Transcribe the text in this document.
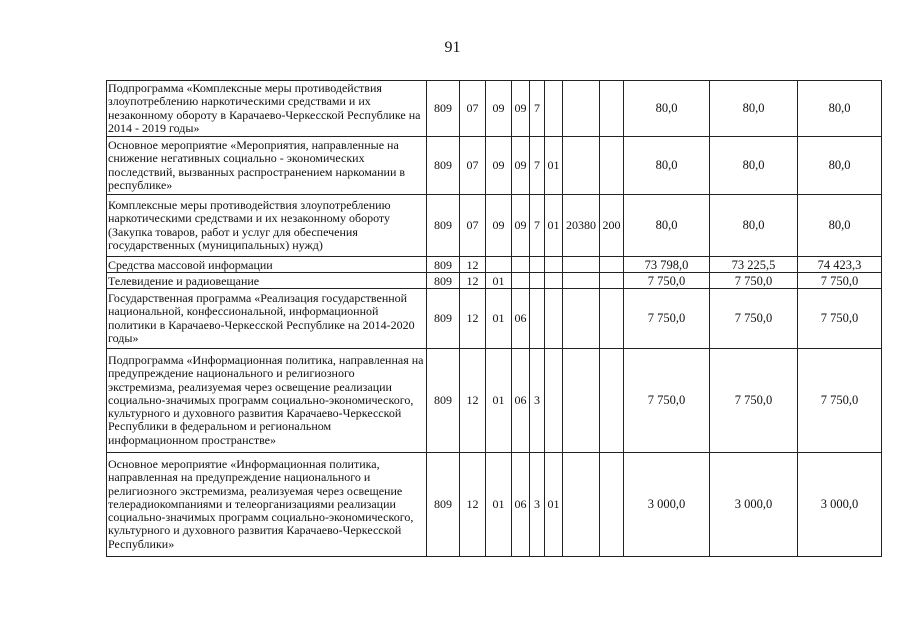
91
Подпрограмма «Комплексные меры противодействия злоупотреблению наркотическими средствами и их незаконному обороту в Карачаево-Черкесской Республике на 2014 - 2019 годы»	809	07	09	09	7				80,0	80,0	80,0
Основное мероприятие «Мероприятия, направленные на снижение негативных социально - экономических последствий, вызванных распространением наркомании в республике»	809	07	09	09	7	01			80,0	80,0	80,0
Комплексные меры противодействия злоупотреблению наркотическими средствами и их незаконному обороту (Закупка товаров, работ и услуг для обеспечения государственных (муниципальных) нужд)	809	07	09	09	7	01	20380	200	80,0	80,0	80,0
Средства массовой информации	809	12							73 798,0	73 225,5	74 423,3
Телевидение и радиовещание	809	12	01						7 750,0	7 750,0	7 750,0
Государственная программа «Реализация государственной национальной, конфессиональной, информационной политики в Карачаево-Черкесской Республике на 2014-2020 годы»	809	12	01	06					7 750,0	7 750,0	7 750,0
Подпрограмма «Информационная политика, направленная на предупреждение национального и религиозного экстремизма, реализуемая через освещение реализации социально-значимых программ социально-экономического, культурного и духовного развития Карачаево-Черкесской Республики в федеральном и региональном информационном пространстве»	809	12	01	06	3				7 750,0	7 750,0	7 750,0
Основное мероприятие «Информационная политика, направленная на предупреждение национального и религиозного экстремизма, реализуемая через освещение телерадиокомпаниями и телеорганизациями реализации социально-значимых программ социально-экономического, культурного и духовного развития Карачаево-Черкесской Республики»	809	12	01	06	3	01			3 000,0	3 000,0	3 000,0
